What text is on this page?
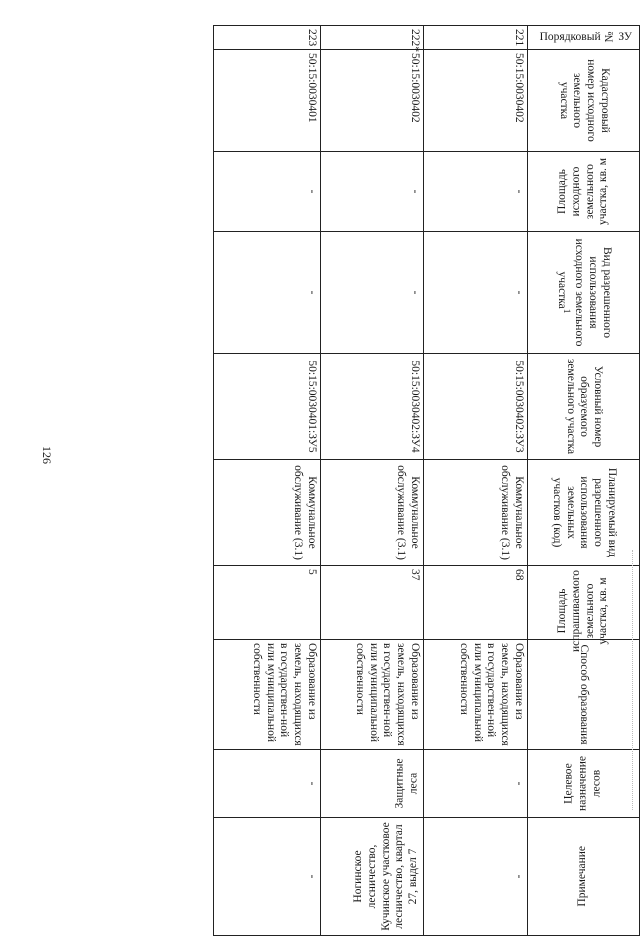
126
Порядковый № ЗУ	Кадастровый номер исходного земельного участка	Площадь исходного земельного участка, кв. м	Вид разрешенного использования исходного земельного участка$^1$	Условный номер образуемого земельного участка	Планируемый вид разрешенного использования земельных участков (код)	Площадь испрашиваемого земельного участка, кв. м	Способ образования	Целевое назначение лесов	Примечание
221	50:15:0030402	-	-	50:15:0030402:ЗУ3	Коммунальное обслуживание (3.1)	68	Образование из земель, находящихся в государствен-ной или муниципальной собственности	-	-
222*	50:15:0030402	-	-	50:15:0030402:ЗУ4	Коммунальное обслуживание (3.1)	37	Образование из земель, находящихся в государствен-ной или муниципальной собственности	Защитные леса	Ногинское лесничество, Кучинское участковое лесничество, квартал 27, выдел 7
223	50:15:0030401	-	-	50:15:0030401:ЗУ5	Коммунальное обслуживание (3.1)	5	Образование из земель, находящихся в государствен-ной или муниципальной собственности	-	-
